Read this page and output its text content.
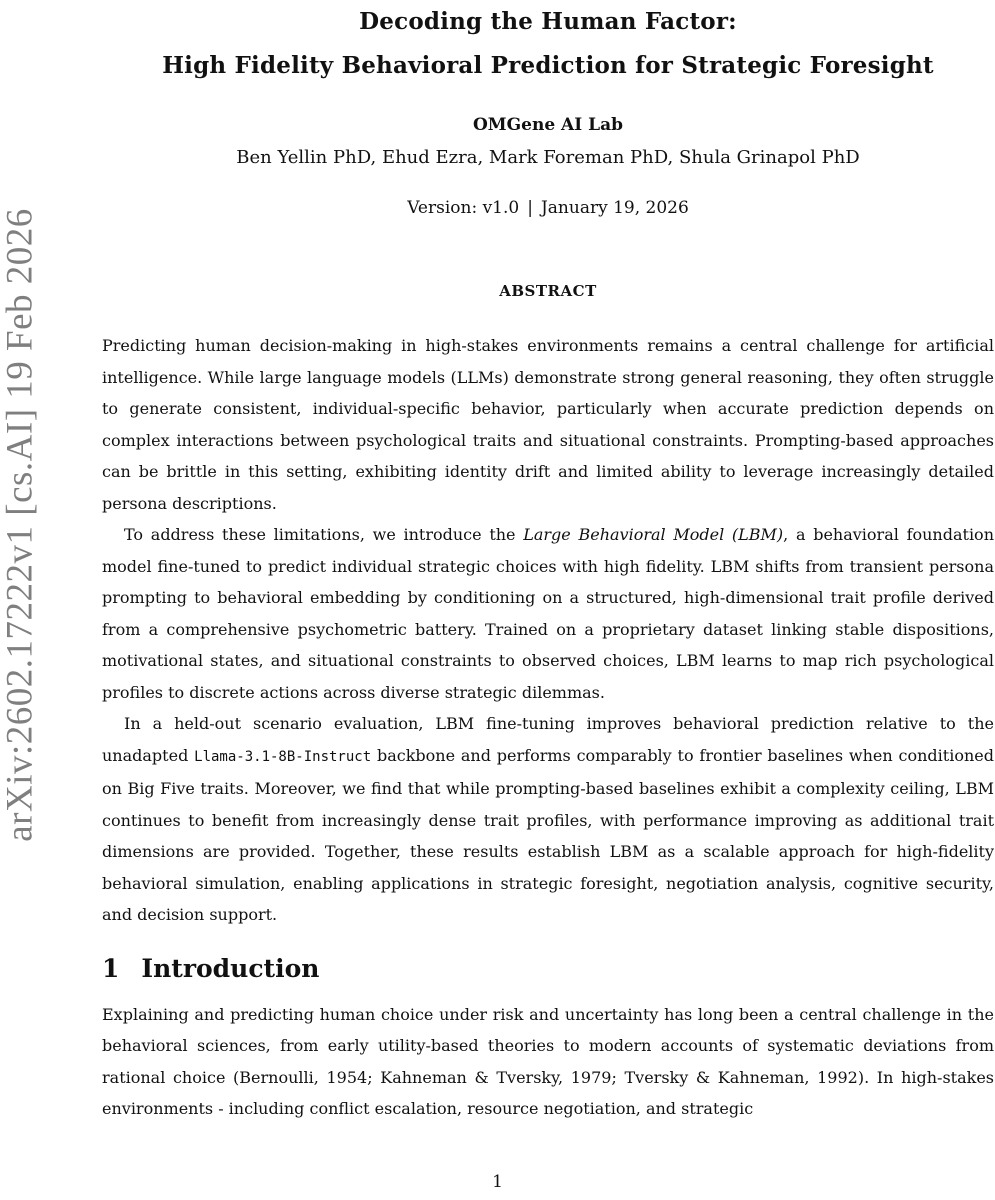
arXiv:2602.17222v1 [cs.AI] 19 Feb 2026
Decoding the Human Factor:
High Fidelity Behavioral Prediction for Strategic Foresight
OMGene AI Lab
Ben Yellin PhD, Ehud Ezra, Mark Foreman PhD, Shula Grinapol PhD
Version: v1.0 | January 19, 2026
ABSTRACT

Predicting human decision-making in high-stakes environments remains a central challenge for artificial intelligence. While large language models (LLMs) demonstrate strong general reasoning, they often struggle to generate consistent, individual-specific behavior, particularly when accurate prediction depends on complex interactions between psychological traits and situational constraints. Prompting-based approaches can be brittle in this setting, exhibiting identity drift and limited ability to leverage increasingly detailed persona descriptions.

To address these limitations, we introduce the Large Behavioral Model (LBM), a behavioral foundation model fine-tuned to predict individual strategic choices with high fidelity. LBM shifts from transient persona prompting to behavioral embedding by conditioning on a structured, high-dimensional trait profile derived from a comprehensive psychometric battery. Trained on a proprietary dataset linking stable dispositions, motivational states, and situational constraints to observed choices, LBM learns to map rich psychological profiles to discrete actions across diverse strategic dilemmas.

In a held-out scenario evaluation, LBM fine-tuning improves behavioral prediction relative to the unadapted Llama-3.1-8B-Instruct backbone and performs comparably to frontier baselines when conditioned on Big Five traits. Moreover, we find that while prompting-based baselines exhibit a complexity ceiling, LBM continues to benefit from increasingly dense trait profiles, with performance improving as additional trait dimensions are provided. Together, these results establish LBM as a scalable approach for high-fidelity behavioral simulation, enabling applications in strategic foresight, negotiation analysis, cognitive security, and decision support.

1 Introduction

Explaining and predicting human choice under risk and uncertainty has long been a central challenge in the behavioral sciences, from early utility-based theories to modern accounts of systematic deviations from rational choice (Bernoulli, 1954; Kahneman & Tversky, 1979; Tversky & Kahneman, 1992). In high-stakes environments - including conflict escalation, resource negotiation, and strategic

1
